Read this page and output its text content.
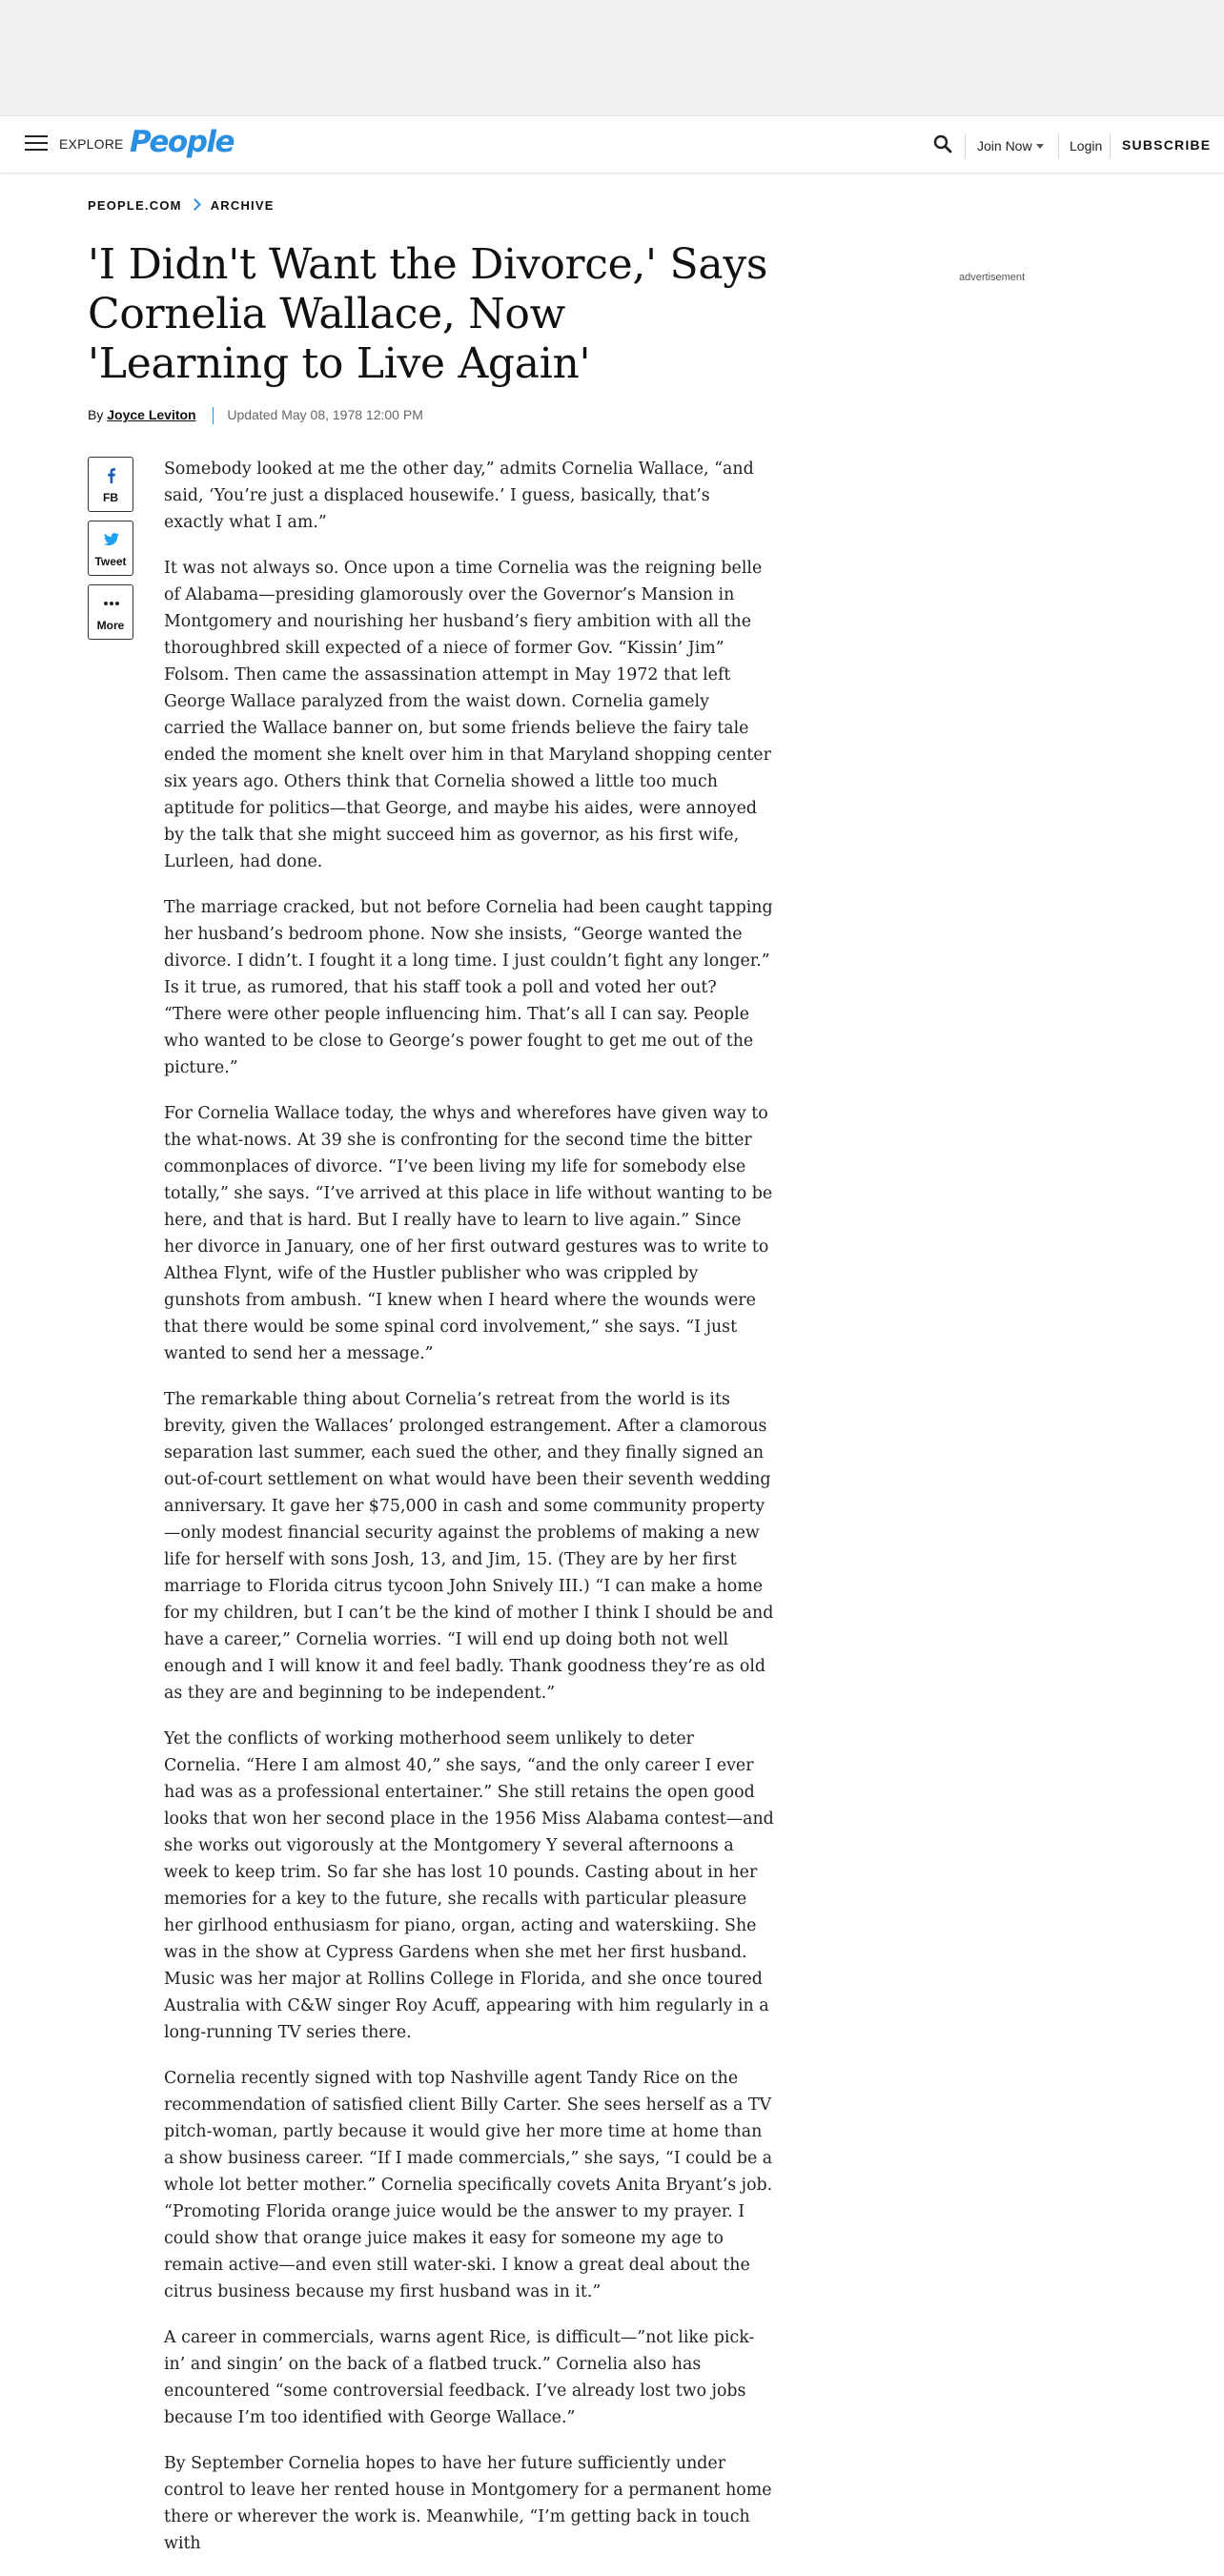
EXPLORE People	Join Now	Login SUBSCRIBE
PEOPLE.COM ARCHIVE
'I Didn't Want the Divorce,' Says Cornelia Wallace, Now 'Learning to Live Again'
By Joyce Leviton Updated May 08, 1978 12:00 PM
advertisement
FB
Tweet
More

Somebody looked at me the other day,” admits Cornelia Wallace, “and said, ‘You’re just a displaced housewife.’ I guess, basically, that’s exactly what I am.”

It was not always so. Once upon a time Cornelia was the reigning belle of Alabama—presiding glamorously over the Governor’s Mansion in Montgomery and nourishing her husband’s fiery ambition with all the thoroughbred skill expected of a niece of former Gov. “Kissin’ Jim” Folsom. Then came the assassination attempt in May 1972 that left George Wallace paralyzed from the waist down. Cornelia gamely carried the Wallace banner on, but some friends believe the fairy tale ended the moment she knelt over him in that Maryland shopping center six years ago. Others think that Cornelia showed a little too much aptitude for politics—that George, and maybe his aides, were annoyed by the talk that she might succeed him as governor, as his first wife, Lurleen, had done.

The marriage cracked, but not before Cornelia had been caught tapping her husband’s bedroom phone. Now she insists, “George wanted the divorce. I didn’t. I fought it a long time. I just couldn’t fight any longer.” Is it true, as rumored, that his staff took a poll and voted her out? “There were other people influencing him. That’s all I can say. People who wanted to be close to George’s power fought to get me out of the picture.”

For Cornelia Wallace today, the whys and wherefores have given way to the what-nows. At 39 she is confronting for the second time the bitter commonplaces of divorce. “I’ve been living my life for somebody else totally,” she says. “I’ve arrived at this place in life without wanting to be here, and that is hard. But I really have to learn to live again.” Since her divorce in January, one of her first outward gestures was to write to Althea Flynt, wife of the Hustler publisher who was crippled by gunshots from ambush. “I knew when I heard where the wounds were that there would be some spinal cord involvement,” she says. “I just wanted to send her a message.”

The remarkable thing about Cornelia’s retreat from the world is its brevity, given the Wallaces’ prolonged estrangement. After a clamorous separation last summer, each sued the other, and they finally signed an out-of-court settlement on what would have been their seventh wedding anniversary. It gave her $75,000 in cash and some community property—only modest financial security against the problems of making a new life for herself with sons Josh, 13, and Jim, 15. (They are by her first marriage to Florida citrus tycoon John Snively III.) “I can make a home for my children, but I can’t be the kind of mother I think I should be and have a career,” Cornelia worries. “I will end up doing both not well enough and I will know it and feel badly. Thank goodness they’re as old as they are and beginning to be independent.”

Yet the conflicts of working motherhood seem unlikely to deter Cornelia. “Here I am almost 40,” she says, “and the only career I ever had was as a professional entertainer.” She still retains the open good looks that won her second place in the 1956 Miss Alabama contest—and she works out vigorously at the Montgomery Y several afternoons a week to keep trim. So far she has lost 10 pounds. Casting about in her memories for a key to the future, she recalls with particular pleasure her girlhood enthusiasm for piano, organ, acting and waterskiing. She was in the show at Cypress Gardens when she met her first husband. Music was her major at Rollins College in Florida, and she once toured Australia with C&W singer Roy Acuff, appearing with him regularly in a long-running TV series there.

Cornelia recently signed with top Nashville agent Tandy Rice on the recommendation of satisfied client Billy Carter. She sees herself as a TV pitch-woman, partly because it would give her more time at home than a show business career. “If I made commercials,” she says, “I could be a whole lot better mother.” Cornelia specifically covets Anita Bryant’s job. “Promoting Florida orange juice would be the answer to my prayer. I could show that orange juice makes it easy for someone my age to remain active—and even still water-ski. I know a great deal about the citrus business because my first husband was in it.”

A career in commercials, warns agent Rice, is difficult—”not like pick-in’ and singin’ on the back of a flatbed truck.” Cornelia also has encountered “some controversial feedback. I’ve already lost two jobs because I’m too identified with George Wallace.”

By September Cornelia hopes to have her future sufficiently under control to leave her rented house in Montgomery for a permanent home there or wherever the work is. Meanwhile, “I’m getting back in touch with
